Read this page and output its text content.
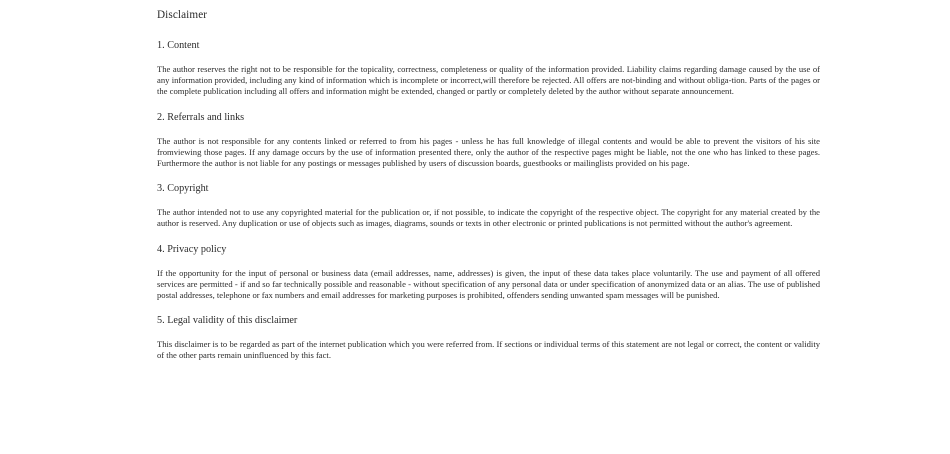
Disclaimer
1. Content

The author reserves the right not to be responsible for the topicality, correctness, completeness or quality of the information provided. Liability claims regarding damage caused by the use of any information provided, including any kind of information which is incomplete or incorrect,will therefore be rejected. All offers are not-binding and without obliga-tion. Parts of the pages or the complete publication including all offers and information might be extended, changed or partly or completely deleted by the author without separate announcement.

2. Referrals and links

The author is not responsible for any contents linked or referred to from his pages - unless he has full knowledge of illegal contents and would be able to prevent the visitors of his site fromviewing those pages. If any damage occurs by the use of information presented there, only the author of the respective pages might be liable, not the one who has linked to these pages. Furthermore the author is not liable for any postings or messages published by users of discussion boards, guestbooks or mailinglists provided on his page.

3. Copyright

The author intended not to use any copyrighted material for the publication or, if not possible, to indicate the copyright of the respective object. The copyright for any material created by the author is reserved. Any duplication or use of objects such as images, diagrams, sounds or texts in other electronic or printed publications is not permitted without the author's agreement.

4. Privacy policy

If the opportunity for the input of personal or business data (email addresses, name, addresses) is given, the input of these data takes place voluntarily. The use and payment of all offered services are permitted - if and so far technically possible and reasonable - without specification of any personal data or under specification of anonymized data or an alias. The use of published postal addresses, telephone or fax numbers and email addresses for marketing purposes is prohibited, offenders sending unwanted spam messages will be punished.

5. Legal validity of this disclaimer

This disclaimer is to be regarded as part of the internet publication which you were referred from. If sections or individual terms of this statement are not legal or correct, the content or validity of the other parts remain uninfluenced by this fact.
